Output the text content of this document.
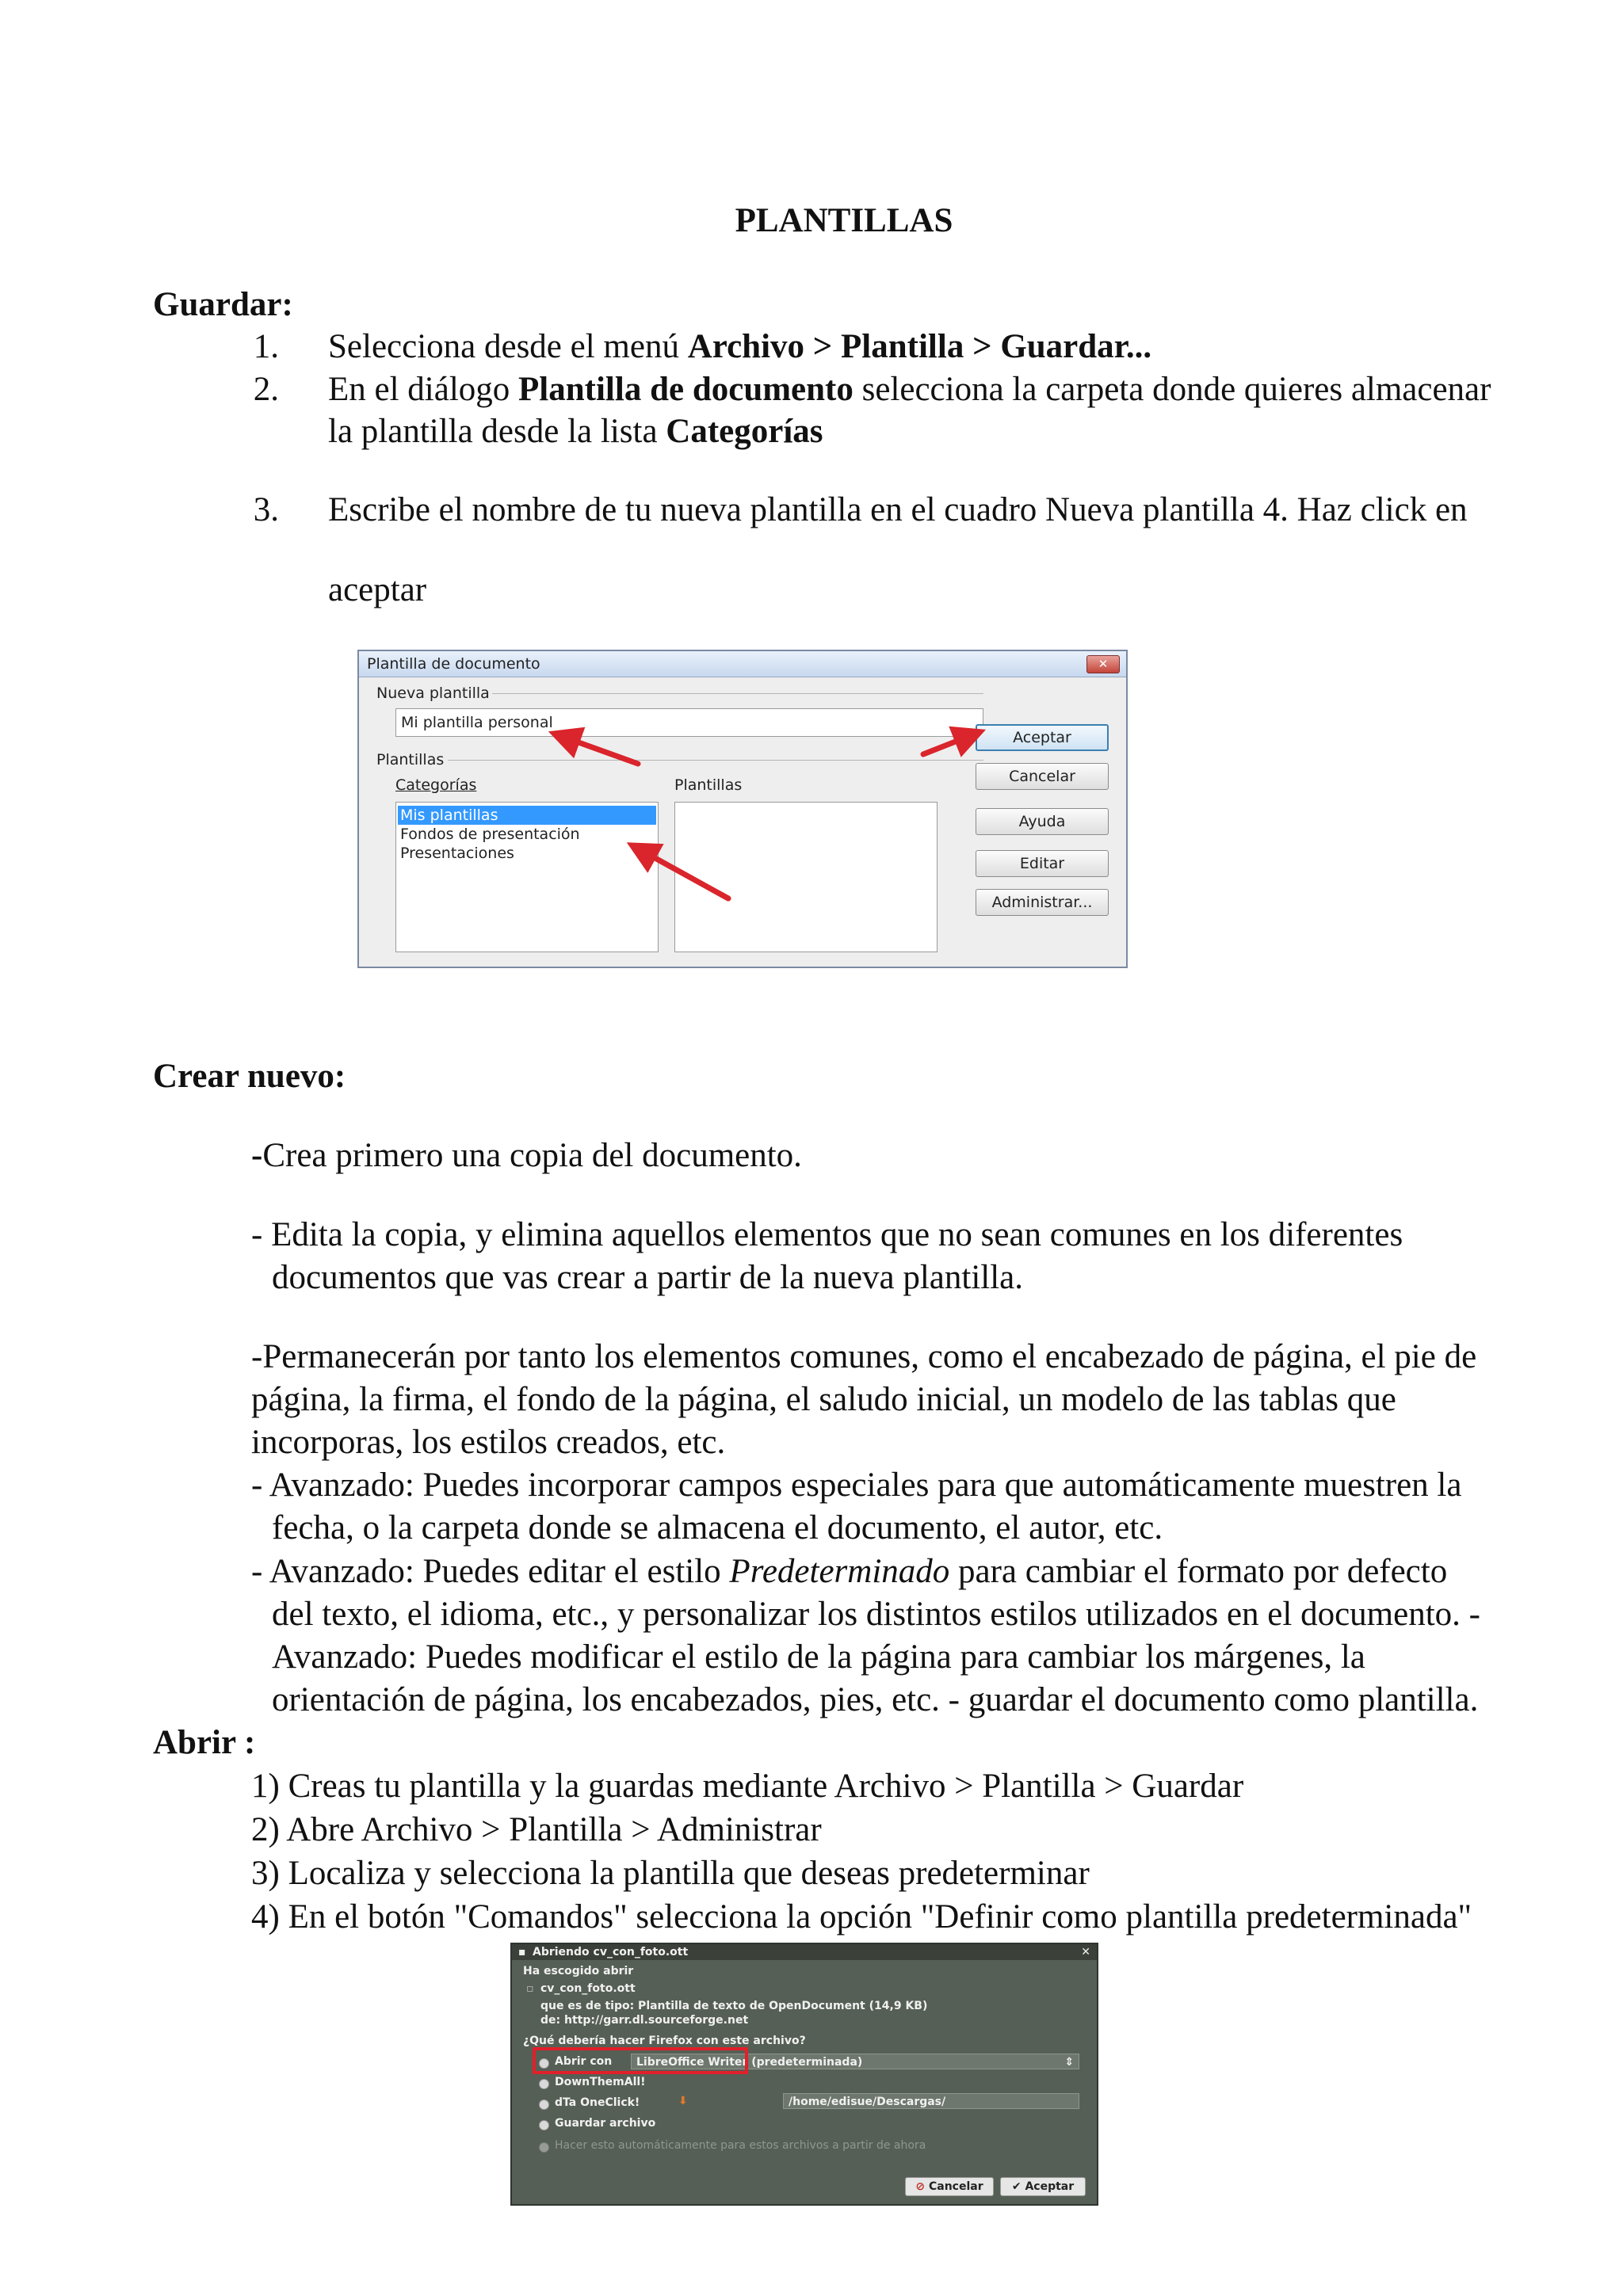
PLANTILLAS
Guardar:
1. Selecciona desde el menú Archivo > Plantilla > Guardar...
2. En el diálogo Plantilla de documento selecciona la carpeta donde quieres almacenar
la plantilla desde la lista Categorías
3. Escribe el nombre de tu nueva plantilla en el cuadro Nueva plantilla 4. Haz click en
aceptar
Plantilla de documento	✕
Nueva plantilla
Mi plantilla personal
Plantillas
Categorías	Plantillas
Mis plantillas
Fondos de presentación
Presentaciones
Aceptar
Cancelar
Ayuda
Editar
Administrar...
Crear nuevo:
-Crea primero una copia del documento.
- Edita la copia, y elimina aquellos elementos que no sean comunes en los diferentes
documentos que vas crear a partir de la nueva plantilla.
-Permanecerán por tanto los elementos comunes, como el encabezado de página, el pie de
página, la firma, el fondo de la página, el saludo inicial, un modelo de las tablas que
incorporas, los estilos creados, etc.
- Avanzado: Puedes incorporar campos especiales para que automáticamente muestren la
fecha, o la carpeta donde se almacena el documento, el autor, etc.
- Avanzado: Puedes editar el estilo Predeterminado para cambiar el formato por defecto
del texto, el idioma, etc., y personalizar los distintos estilos utilizados en el documento. -
Avanzado: Puedes modificar el estilo de la página para cambiar los márgenes, la
orientación de página, los encabezados, pies, etc. - guardar el documento como plantilla.
Abrir :
1) Creas tu plantilla y la guardas mediante Archivo > Plantilla > Guardar
2) Abre Archivo > Plantilla > Administrar
3) Localiza y selecciona la plantilla que deseas predeterminar
4) En el botón "Comandos" selecciona la opción "Definir como plantilla predeterminada"
▪ Abriendo cv_con_foto.ott	✕
Ha escogido abrir
▫ cv_con_foto.ott
que es de tipo: Plantilla de texto de OpenDocument (14,9 KB)
de: http://garr.dl.sourceforge.net
¿Qué debería hacer Firefox con este archivo?
Abrir con	LibreOffice Writer (predeterminada)	⇕
DownThemAll!
dTa OneClick!	⬇	/home/edisue/Descargas/
Guardar archivo
Hacer esto automáticamente para estos archivos a partir de ahora
⊘ Cancelar	✔ Aceptar
